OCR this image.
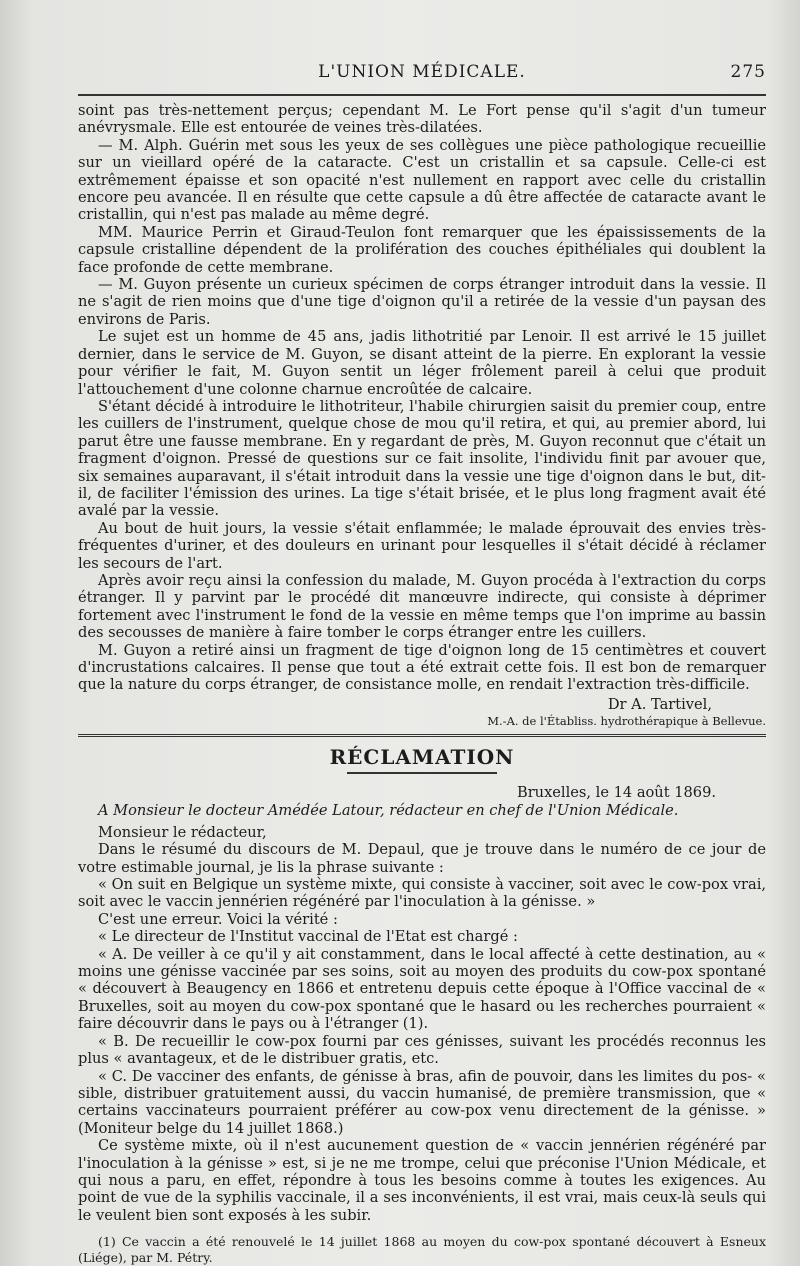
L'UNION MÉDICALE.	275

soint pas très-nettement perçus; cependant M. Le Fort pense qu'il s'agit d'un tumeur anévrysmale. Elle est entourée de veines très-dilatées.

— M. Alph. Guérin met sous les yeux de ses collègues une pièce pathologique recueillie sur un vieillard opéré de la cataracte. C'est un cristallin et sa capsule. Celle-ci est extrêmement épaisse et son opacité n'est nullement en rapport avec celle du cristallin encore peu avancée. Il en résulte que cette capsule a dû être affectée de cataracte avant le cristallin, qui n'est pas malade au même degré.

MM. Maurice Perrin et Giraud-Teulon font remarquer que les épaississements de la capsule cristalline dépendent de la prolifération des couches épithéliales qui doublent la face profonde de cette membrane.

— M. Guyon présente un curieux spécimen de corps étranger introduit dans la vessie. Il ne s'agit de rien moins que d'une tige d'oignon qu'il a retirée de la vessie d'un paysan des environs de Paris.

Le sujet est un homme de 45 ans, jadis lithotritié par Lenoir. Il est arrivé le 15 juillet dernier, dans le service de M. Guyon, se disant atteint de la pierre. En explorant la vessie pour vérifier le fait, M. Guyon sentit un léger frôlement pareil à celui que produit l'attouchement d'une colonne charnue encroûtée de calcaire.

S'étant décidé à introduire le lithotriteur, l'habile chirurgien saisit du premier coup, entre les cuillers de l'instrument, quelque chose de mou qu'il retira, et qui, au premier abord, lui parut être une fausse membrane. En y regardant de près, M. Guyon reconnut que c'était un fragment d'oignon. Pressé de questions sur ce fait insolite, l'individu finit par avouer que, six semaines auparavant, il s'était introduit dans la vessie une tige d'oignon dans le but, dit-il, de faciliter l'émission des urines. La tige s'était brisée, et le plus long fragment avait été avalé par la vessie.

Au bout de huit jours, la vessie s'était enflammée; le malade éprouvait des envies très-fréquentes d'uriner, et des douleurs en urinant pour lesquelles il s'était décidé à réclamer les secours de l'art.

Après avoir reçu ainsi la confession du malade, M. Guyon procéda à l'extraction du corps étranger. Il y parvint par le procédé dit manœuvre indirecte, qui consiste à déprimer fortement avec l'instrument le fond de la vessie en même temps que l'on imprime au bassin des secousses de manière à faire tomber le corps étranger entre les cuillers.

M. Guyon a retiré ainsi un fragment de tige d'oignon long de 15 centimètres et couvert d'incrustations calcaires. Il pense que tout a été extrait cette fois. Il est bon de remarquer que la nature du corps étranger, de consistance molle, en rendait l'extraction très-difficile.

Dr A. Tartivel,
M.-A. de l'Établiss. hydrothérapique à Bellevue.
RÉCLAMATION
Bruxelles, le 14 août 1869.
A Monsieur le docteur Amédée Latour, rédacteur en chef de l'Union Médicale.

Monsieur le rédacteur,

Dans le résumé du discours de M. Depaul, que je trouve dans le numéro de ce jour de votre estimable journal, je lis la phrase suivante :

« On suit en Belgique un système mixte, qui consiste à vacciner, soit avec le cow-pox vrai, soit avec le vaccin jennérien régénéré par l'inoculation à la génisse. »

C'est une erreur. Voici la vérité :

« Le directeur de l'Institut vaccinal de l'Etat est chargé :

« A. De veiller à ce qu'il y ait constamment, dans le local affecté à cette destination, au « moins une génisse vaccinée par ses soins, soit au moyen des produits du cow-pox spontané « découvert à Beaugency en 1866 et entretenu depuis cette époque à l'Office vaccinal de « Bruxelles, soit au moyen du cow-pox spontané que le hasard ou les recherches pourraient « faire découvrir dans le pays ou à l'étranger (1).

« B. De recueillir le cow-pox fourni par ces génisses, suivant les procédés reconnus les plus « avantageux, et de le distribuer gratis, etc.

« C. De vacciner des enfants, de génisse à bras, afin de pouvoir, dans les limites du pos- « sible, distribuer gratuitement aussi, du vaccin humanisé, de première transmission, que « certains vaccinateurs pourraient préférer au cow-pox venu directement de la génisse. » (Moniteur belge du 14 juillet 1868.)

Ce système mixte, où il n'est aucunement question de « vaccin jennérien régénéré par l'inoculation à la génisse » est, si je ne me trompe, celui que préconise l'Union Médicale, et qui nous a paru, en effet, répondre à tous les besoins comme à toutes les exigences. Au point de vue de la syphilis vaccinale, il a ses inconvénients, il est vrai, mais ceux-là seuls qui le veulent bien sont exposés à les subir.

(1) Ce vaccin a été renouvelé le 14 juillet 1868 au moyen du cow-pox spontané découvert à Esneux (Liége), par M. Pétry.
